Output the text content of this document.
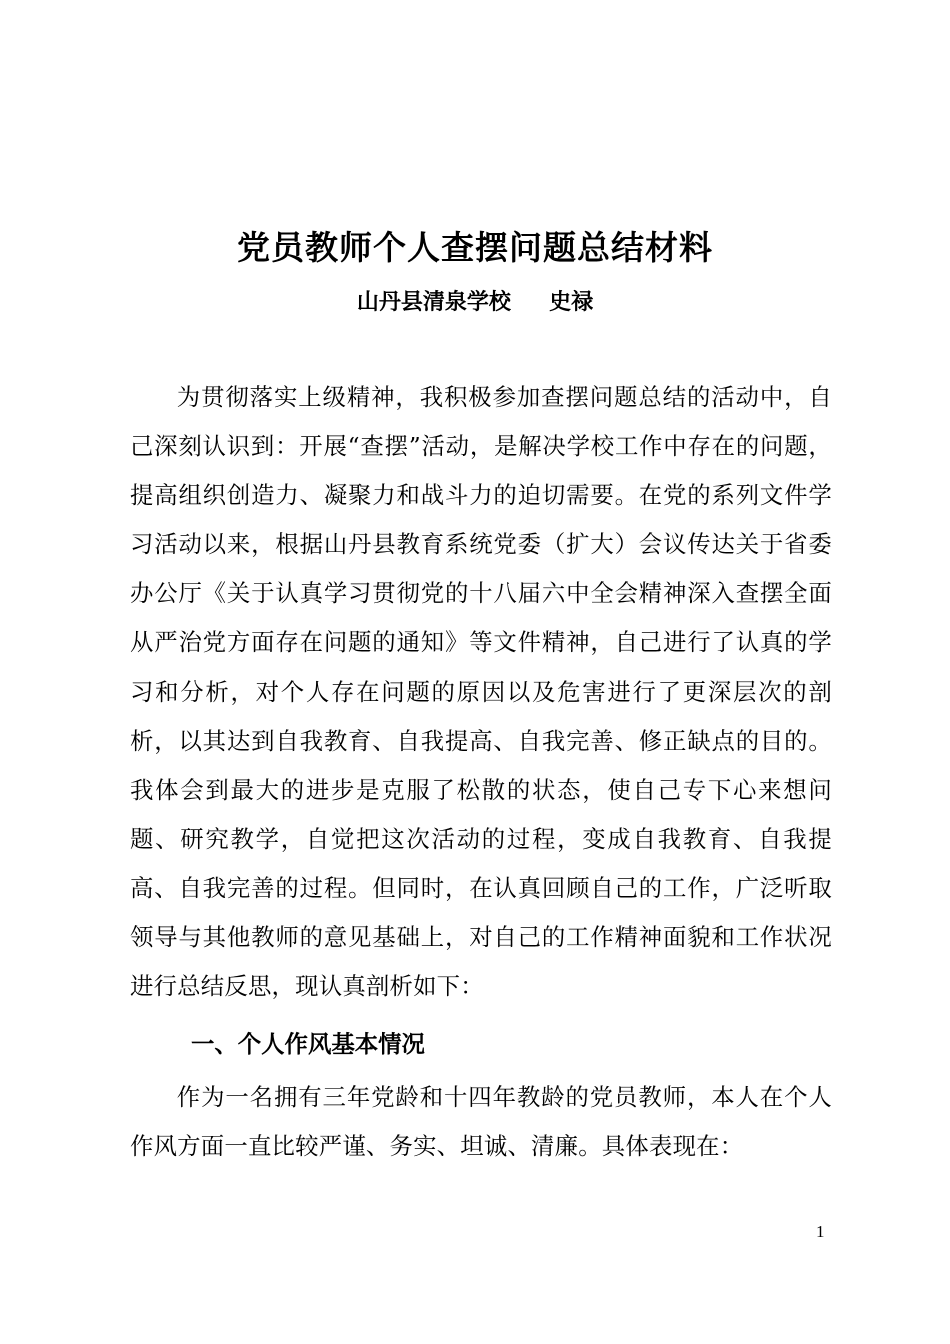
党员教师个人查摆问题总结材料
山丹县清泉学校     史禄

为贯彻落实上级精神，我积极参加查摆问题总结的活动中，自己深刻认识到：开展“查摆”活动，是解决学校工作中存在的问题，提高组织创造力、凝聚力和战斗力的迫切需要。在党的系列文件学习活动以来，根据山丹县教育系统党委（扩大）会议传达关于省委办公厅《关于认真学习贯彻党的十八届六中全会精神深入查摆全面从严治党方面存在问题的通知》等文件精神，自己进行了认真的学习和分析，对个人存在问题的原因以及危害进行了更深层次的剖析，以其达到自我教育、自我提高、自我完善、修正缺点的目的。我体会到最大的进步是克服了松散的状态，使自己专下心来想问题、研究教学，自觉把这次活动的过程，变成自我教育、自我提高、自我完善的过程。但同时，在认真回顾自己的工作，广泛听取领导与其他教师的意见基础上，对自己的工作精神面貌和工作状况进行总结反思，现认真剖析如下：

一、个人作风基本情况

作为一名拥有三年党龄和十四年教龄的党员教师，本人在个人作风方面一直比较严谨、务实、坦诚、清廉。具体表现在：

1
